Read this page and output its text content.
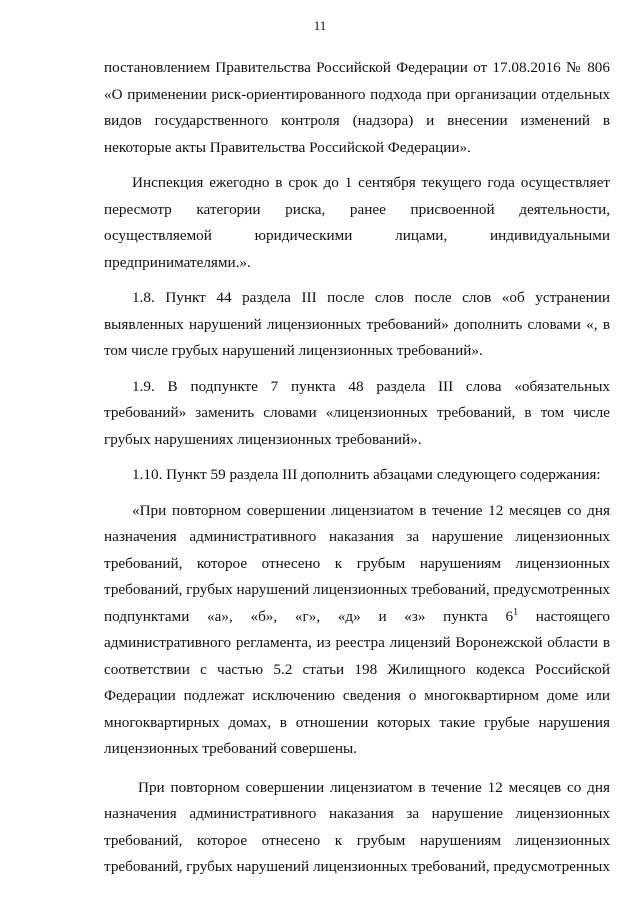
11

постановлением Правительства Российской Федерации от 17.08.2016 № 806 «О применении риск-ориентированного подхода при организации отдельных видов государственного контроля (надзора) и внесении изменений в некоторые акты Правительства Российской Федерации».

Инспекция ежегодно в срок до 1 сентября текущего года осуществляет пересмотр категории риска, ранее присвоенной деятельности, осуществляемой юридическими лицами, индивидуальными предпринимателями.».

1.8. Пункт 44 раздела III после слов после слов «об устранении выявленных нарушений лицензионных требований» дополнить словами «, в том числе грубых нарушений лицензионных требований».

1.9. В подпункте 7 пункта 48 раздела III слова «обязательных требований» заменить словами «лицензионных требований, в том числе грубых нарушениях лицензионных требований».

1.10. Пункт 59 раздела III дополнить абзацами следующего содержания:

«При повторном совершении лицензиатом в течение 12 месяцев со дня назначения административного наказания за нарушение лицензионных требований, которое отнесено к грубым нарушениям лицензионных требований, грубых нарушений лицензионных требований, предусмотренных подпунктами «а», «б», «г», «д» и «з» пункта $6^1$ настоящего административного регламента, из реестра лицензий Воронежской области в соответствии с частью 5.2 статьи 198 Жилищного кодекса Российской Федерации подлежат исключению сведения о многоквартирном доме или многоквартирных домах, в отношении которых такие грубые нарушения лицензионных требований совершены.

При повторном совершении лицензиатом в течение 12 месяцев со дня назначения административного наказания за нарушение лицензионных требований, которое отнесено к грубым нарушениям лицензионных требований, грубых нарушений лицензионных требований, предусмотренных
